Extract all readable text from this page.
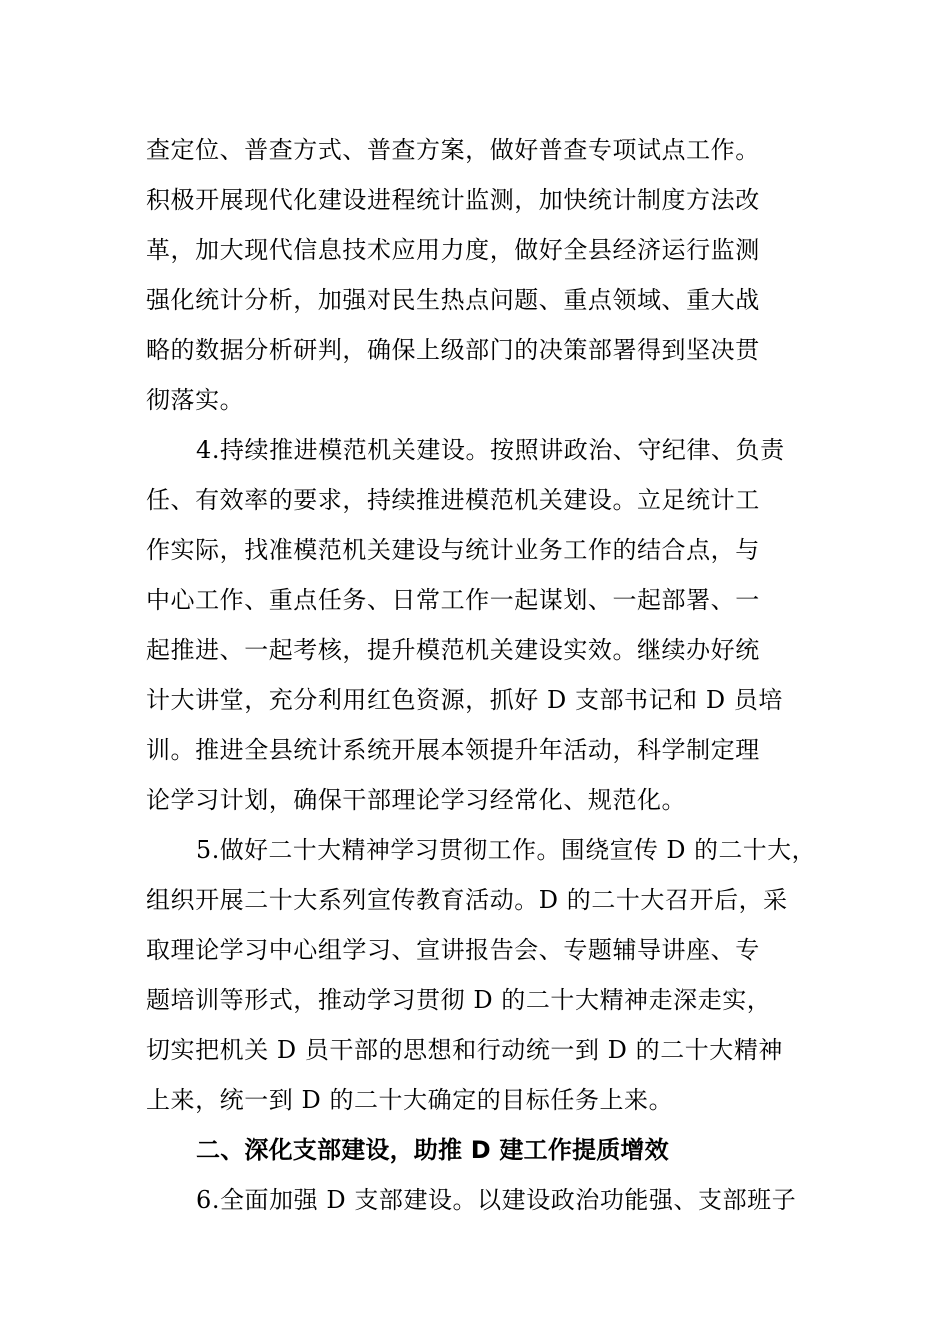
查定位、普查方式、普查方案，做好普查专项试点工作。
积极开展现代化建设进程统计监测，加快统计制度方法改
革，加大现代信息技术应用力度，做好全县经济运行监测
强化统计分析，加强对民生热点问题、重点领域、重大战
略的数据分析研判，确保上级部门的决策部署得到坚决贯
彻落实。
4.持续推进模范机关建设。按照讲政治、守纪律、负责
任、有效率的要求，持续推进模范机关建设。立足统计工
作实际，找准模范机关建设与统计业务工作的结合点，与
中心工作、重点任务、日常工作一起谋划、一起部署、一
起推进、一起考核，提升模范机关建设实效。继续办好统
计大讲堂，充分利用红色资源，抓好 D 支部书记和 D 员培
训。推进全县统计系统开展本领提升年活动，科学制定理
论学习计划，确保干部理论学习经常化、规范化。
5.做好二十大精神学习贯彻工作。围绕宣传 D 的二十大，
组织开展二十大系列宣传教育活动。D 的二十大召开后，采
取理论学习中心组学习、宣讲报告会、专题辅导讲座、专
题培训等形式，推动学习贯彻 D 的二十大精神走深走实，
切实把机关 D 员干部的思想和行动统一到 D 的二十大精神
上来，统一到 D 的二十大确定的目标任务上来。
二、深化支部建设，助推 D 建工作提质增效
6.全面加强 D 支部建设。以建设政治功能强、支部班子
